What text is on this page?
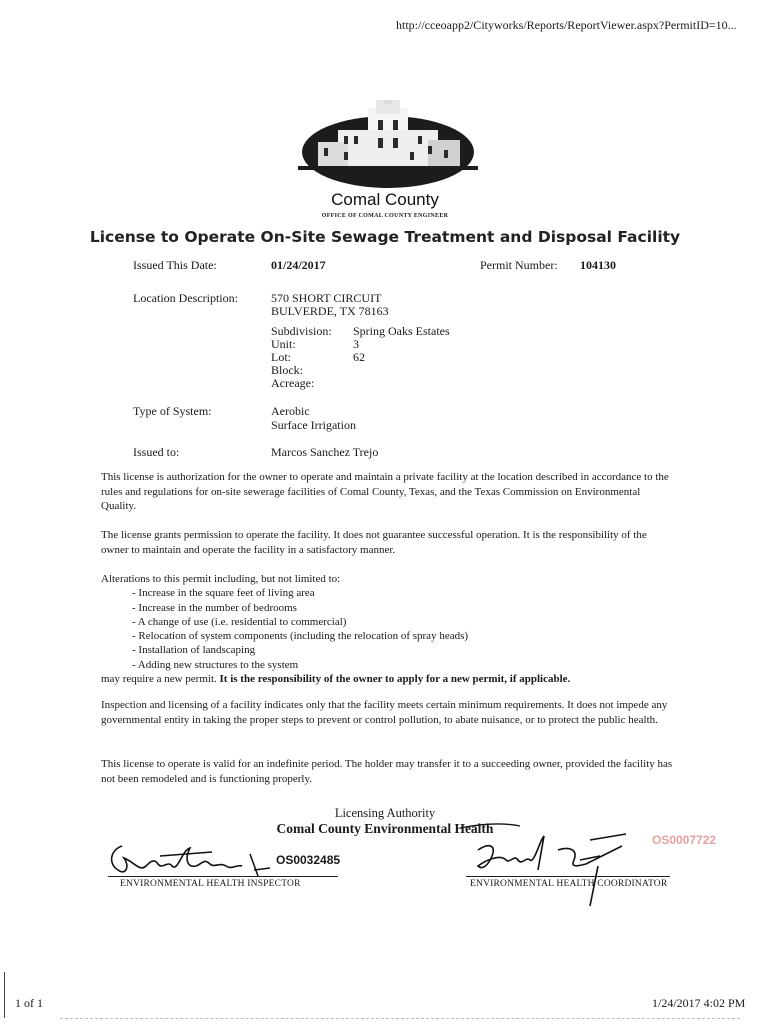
http://cceoapp2/Cityworks/Reports/ReportViewer.aspx?PermitID=10...
Comal County
OFFICE OF COMAL COUNTY ENGINEER
License to Operate On-Site Sewage Treatment and Disposal Facility
Issued This Date:	01/24/2017	Permit Number: 104130
Location Description:	570 SHORT CIRCUIT
BULVERDE, TX 78163
Subdivision: Spring Oaks Estates
Unit:	3
Lot:	62
Block:
Acreage:
Type of System:	Aerobic
Surface Irrigation
Issued to:	Marcos Sanchez Trejo
This license is authorization for the owner to operate and maintain a private facility at the location described in accordance to the rules and regulations for on-site sewerage facilities of Comal County, Texas, and the Texas Commission on Environmental Quality.
The license grants permission to operate the facility. It does not guarantee successful operation. It is the responsibility of the owner to maintain and operate the facility in a satisfactory manner.
Alterations to this permit including, but not limited to:
- Increase in the square feet of living area
- Increase in the number of bedrooms
- A change of use (i.e. residential to commercial)
- Relocation of system components (including the relocation of spray heads)
- Installation of landscaping
- Adding new structures to the system
may require a new permit. It is the responsibility of the owner to apply for a new permit, if applicable.
Inspection and licensing of a facility indicates only that the facility meets certain minimum requirements. It does not impede any governmental entity in taking the proper steps to prevent or control pollution, to abate nuisance, or to protect the public health.
This license to operate is valid for an indefinite period. The holder may transfer it to a succeeding owner, provided the facility has not been remodeled and is functioning properly.
Licensing Authority
Comal County Environmental Health
OS0032485
ENVIRONMENTAL HEALTH INSPECTOR
OS0007722
ENVIRONMENTAL HEALTH COORDINATOR
1 of 1	1/24/2017 4:02 PM
